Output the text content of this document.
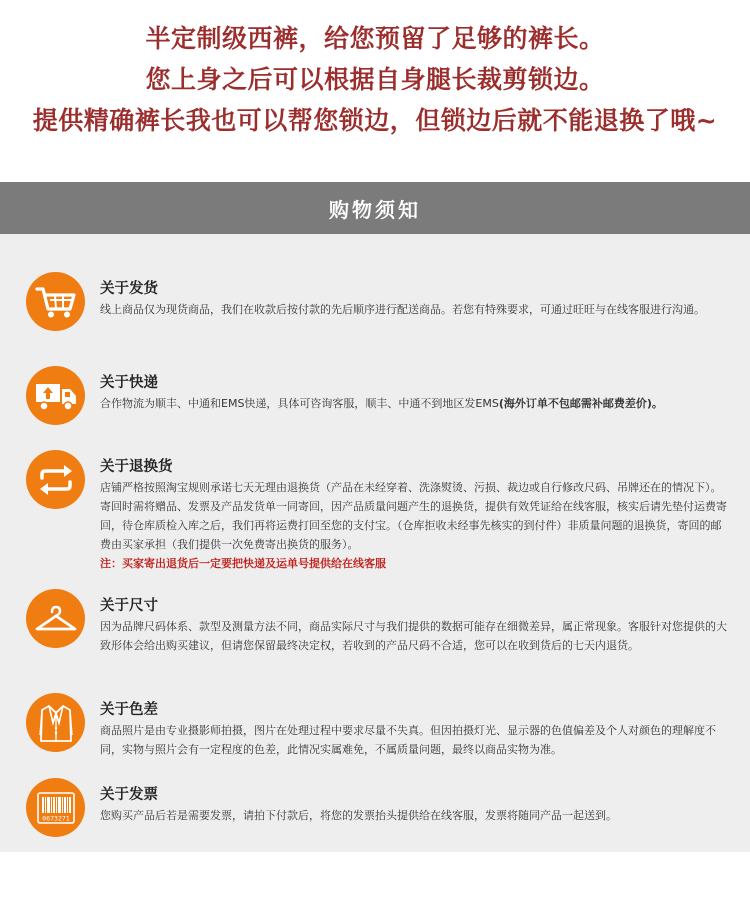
半定制级西裤，给您预留了足够的裤长。
您上身之后可以根据自身腿长裁剪锁边。
提供精确裤长我也可以帮您锁边，但锁边后就不能退换了哦~
购物须知
关于发货
线上商品仅为现货商品，我们在收款后按付款的先后顺序进行配送商品。若您有特殊要求，可通过旺旺与在线客服进行沟通。
关于快递
合作物流为顺丰、中通和EMS快递，具体可咨询客服，顺丰、中通不到地区发EMS(海外订单不包邮需补邮费差价)。
关于退换货
店铺严格按照淘宝规则承诺七天无理由退换货（产品在未经穿着、洗涤熨烫、污损、裁边或自行修改尺码、吊牌还在的情况下）。寄回时需将赠品、发票及产品发货单一同寄回，因产品质量问题产生的退换货，提供有效凭证给在线客服，核实后请先垫付运费寄回，待仓库质检入库之后，我们再将运费打回至您的支付宝。（仓库拒收未经事先核实的到付件）非质量问题的退换货，寄回的邮费由买家承担（我们提供一次免费寄出换货的服务）。
注：买家寄出退货后一定要把快递及运单号提供给在线客服
关于尺寸
因为品牌尺码体系、款型及测量方法不同，商品实际尺寸与我们提供的数据可能存在细微差异，属正常现象。客服针对您提供的大致形体会给出购买建议，但请您保留最终决定权，若收到的产品尺码不合适，您可以在收到货后的七天内退货。
关于色差
商品照片是由专业摄影师拍摄，图片在处理过程中要求尽量不失真。但因拍摄灯光、显示器的色值偏差及个人对颜色的理解度不同，实物与照片会有一定程度的色差，此情况实属难免，不属质量问题，最终以商品实物为准。
0673271
关于发票
您购买产品后若是需要发票，请拍下付款后，将您的发票抬头提供给在线客服，发票将随同产品一起送到。
